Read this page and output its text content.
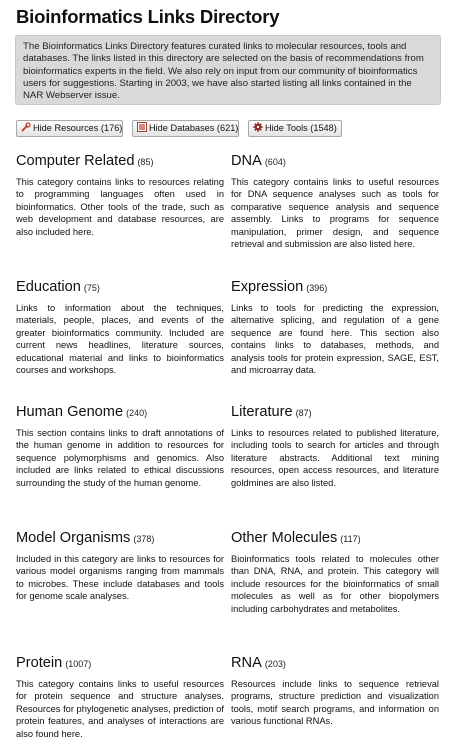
Bioinformatics Links Directory
The Bioinformatics Links Directory features curated links to molecular resources, tools and databases. The links listed in this directory are selected on the basis of recommendations from bioinformatics experts in the field. We also rely on input from our community of bioinformatics users for suggestions. Starting in 2003, we have also started listing all links contained in the NAR Webserver issue.
Hide Resources (176)	Hide Databases (621)	Hide Tools (1548)
Computer Related (85)

This category contains links to resources relating to programming languages often used in bioinformatics. Other tools of the trade, such as web development and database resources, are also included here.

DNA (604)

This category contains links to useful resources for DNA sequence analyses such as tools for comparative sequence analysis and sequence assembly. Links to programs for sequence manipulation, primer design, and sequence retrieval and submission are also listed here.

Education (75)

Links to information about the techniques, materials, people, places, and events of the greater bioinformatics community. Included are current news headlines, literature sources, educational material and links to bioinformatics courses and workshops.

Expression (396)

Links to tools for predicting the expression, alternative splicing, and regulation of a gene sequence are found here. This section also contains links to databases, methods, and analysis tools for protein expression, SAGE, EST, and microarray data.

Human Genome (240)

This section contains links to draft annotations of the human genome in addition to resources for sequence polymorphisms and genomics. Also included are links related to ethical discussions surrounding the study of the human genome.

Literature (87)

Links to resources related to published literature, including tools to search for articles and through literature abstracts. Additional text mining resources, open access resources, and literature goldmines are also listed.

Model Organisms (378)

Included in this category are links to resources for various model organisms ranging from mammals to microbes. These include databases and tools for genome scale analyses.

Other Molecules (117)

Bioinformatics tools related to molecules other than DNA, RNA, and protein. This category will include resources for the bioinformatics of small molecules as well as for other biopolymers including carbohydrates and metabolites.

Protein (1007)

This category contains links to useful resources for protein sequence and structure analyses. Resources for phylogenetic analyses, prediction of protein features, and analyses of interactions are also found here.

RNA (203)

Resources include links to sequence retrieval programs, structure prediction and visualization tools, motif search programs, and information on various functional RNAs.
